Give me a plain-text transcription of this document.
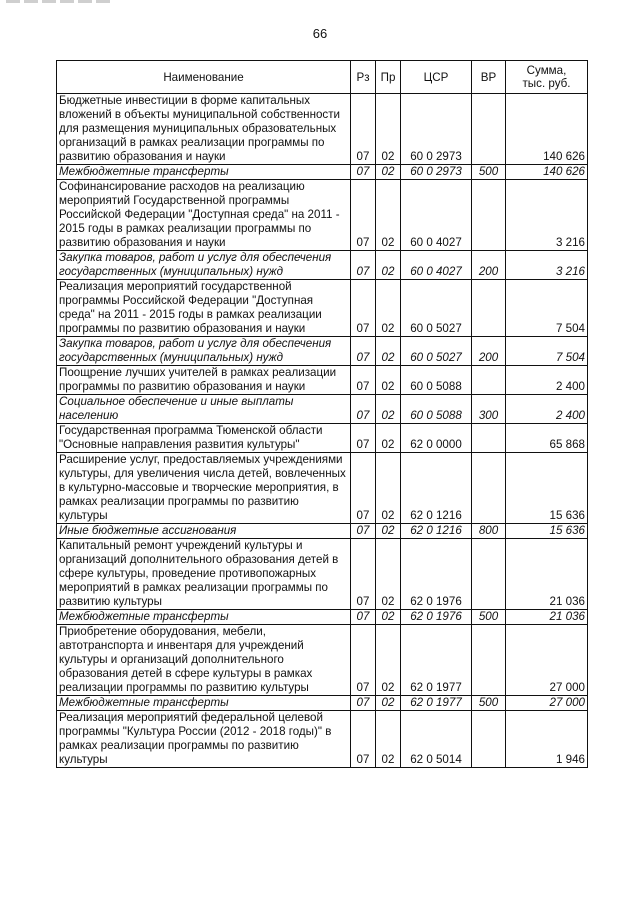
66
Наименование	Рз	Пр	ЦСР	ВР	Сумма,
тыс. руб.
Бюджетные инвестиции в форме капитальных вложений в объекты муниципальной собственности для размещения муниципальных образовательных организаций в рамках реализации программы по развитию образования и науки	07	02	60 0 2973		140 626
Межбюджетные трансферты	07	02	60 0 2973	500	140 626
Софинансирование расходов на реализацию мероприятий Государственной программы Российской Федерации "Доступная среда" на 2011 - 2015 годы в рамках реализации программы по развитию образования и науки	07	02	60 0 4027		3 216
Закупка товаров, работ и услуг для обеспечения государственных (муниципальных) нужд	07	02	60 0 4027	200	3 216
Реализация мероприятий государственной программы Российской Федерации "Доступная среда" на 2011 - 2015 годы в рамках реализации программы по развитию образования и науки	07	02	60 0 5027		7 504
Закупка товаров, работ и услуг для обеспечения государственных (муниципальных) нужд	07	02	60 0 5027	200	7 504
Поощрение лучших учителей в рамках реализации программы по развитию образования и науки	07	02	60 0 5088		2 400
Социальное обеспечение и иные выплаты населению	07	02	60 0 5088	300	2 400
Государственная программа Тюменской области "Основные направления развития культуры"	07	02	62 0 0000		65 868
Расширение услуг, предоставляемых учреждениями культуры, для увеличения числа детей, вовлеченных в культурно-массовые и творческие мероприятия, в рамках реализации программы по развитию культуры	07	02	62 0 1216		15 636
Иные бюджетные ассигнования	07	02	62 0 1216	800	15 636
Капитальный ремонт учреждений культуры и организаций дополнительного образования детей в сфере культуры, проведение противопожарных мероприятий в рамках реализации программы по развитию культуры	07	02	62 0 1976		21 036
Межбюджетные трансферты	07	02	62 0 1976	500	21 036
Приобретение оборудования, мебели, автотранспорта и инвентаря для учреждений культуры и организаций дополнительного образования детей в сфере культуры в рамках реализации программы по развитию культуры	07	02	62 0 1977		27 000
Межбюджетные трансферты	07	02	62 0 1977	500	27 000
Реализация мероприятий федеральной целевой программы "Культура России (2012 - 2018 годы)" в рамках реализации программы по развитию культуры	07	02	62 0 5014		1 946
